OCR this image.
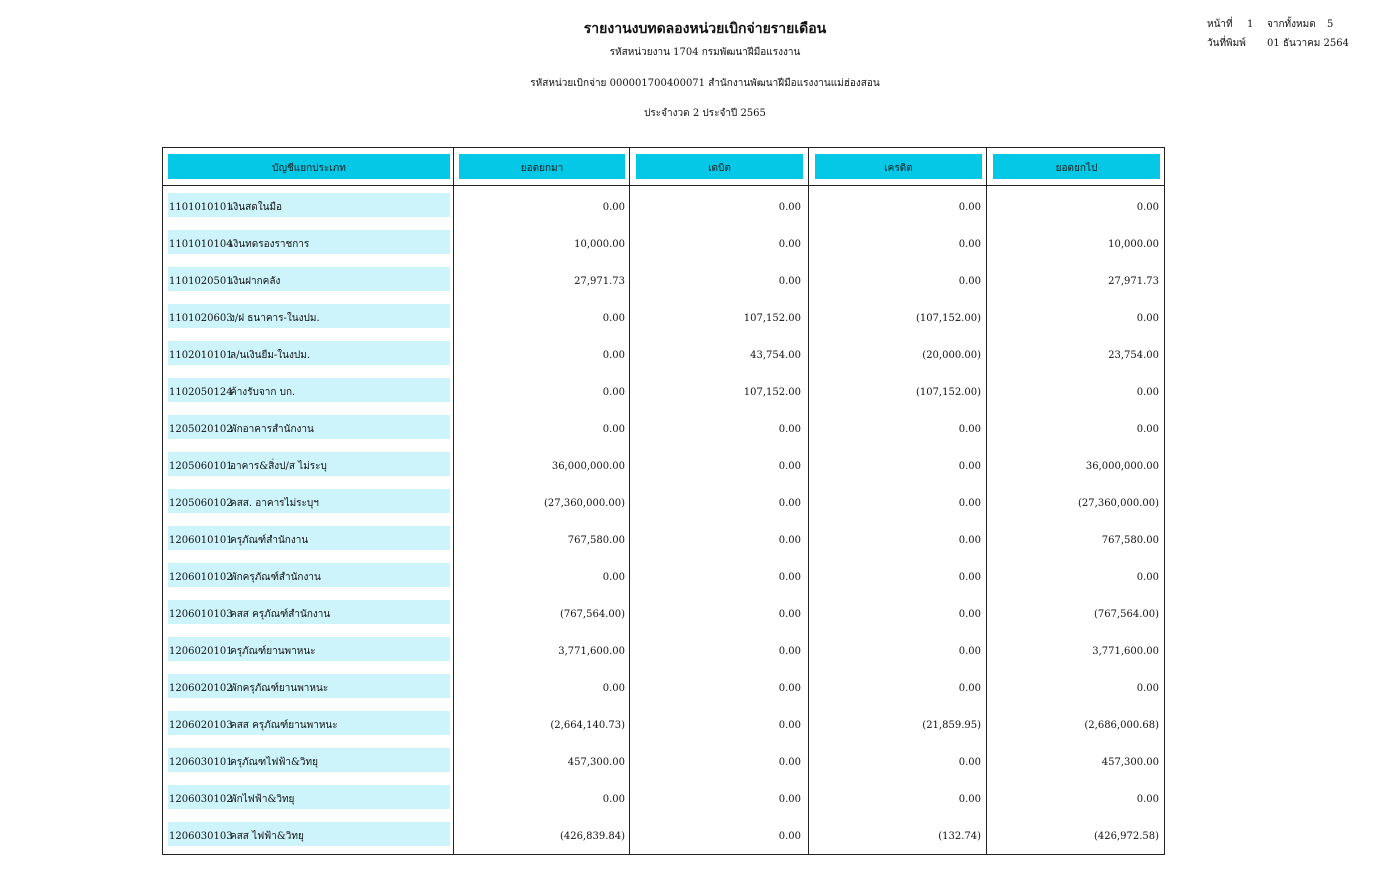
รายงานงบทดลองหน่วยเบิกจ่ายรายเดือน
รหัสหน่วยงาน 1704 กรมพัฒนาฝีมือแรงงาน
รหัสหน่วยเบิกจ่าย 000001700400071 สำนักงานพัฒนาฝีมือแรงงานแม่ฮ่องสอน
ประจำงวด 2 ประจำปี 2565
หน้าที่ 1 จากทั้งหมด 5
วันที่พิมพ์ 01 ธันวาคม 2564
บัญชีแยกประเภท	ยอดยกมา	เดบิต	เครดิต	ยอดยกไป
1101010101เงินสดในมือ	0.00	0.00	0.00	0.00
1101010104เงินทดรองราชการ	10,000.00	0.00	0.00	10,000.00
1101020501เงินฝากคลัง	27,971.73	0.00	0.00	27,971.73
1101020603ง/ฝ ธนาคาร-ในงปม.	0.00	107,152.00	(107,152.00)	0.00
1102010101ล/นเงินยืม-ในงปม.	0.00	43,754.00	(20,000.00)	23,754.00
1102050124ค้างรับจาก บก.	0.00	107,152.00	(107,152.00)	0.00
1205020102พักอาคารสำนักงาน	0.00	0.00	0.00	0.00
1205060101อาคาร&สิ่งป/ส ไม่ระบุ	36,000,000.00	0.00	0.00	36,000,000.00
1205060102คสส. อาคารไม่ระบุฯ	(27,360,000.00)	0.00	0.00	(27,360,000.00)
1206010101ครุภัณฑ์สำนักงาน	767,580.00	0.00	0.00	767,580.00
1206010102พักครุภัณฑ์สำนักงาน	0.00	0.00	0.00	0.00
1206010103คสส ครุภัณฑ์สำนักงาน	(767,564.00)	0.00	0.00	(767,564.00)
1206020101ครุภัณฑ์ยานพาหนะ	3,771,600.00	0.00	0.00	3,771,600.00
1206020102พักครุภัณฑ์ยานพาหนะ	0.00	0.00	0.00	0.00
1206020103คสส ครุภัณฑ์ยานพาหนะ	(2,664,140.73)	0.00	(21,859.95)	(2,686,000.68)
1206030101ครุภัณฑไฟฟ้า&วิทยุ	457,300.00	0.00	0.00	457,300.00
1206030102พักไฟฟ้า&วิทยุ	0.00	0.00	0.00	0.00
1206030103คสส ไฟฟ้า&วิทยุ	(426,839.84)	0.00	(132.74)	(426,972.58)
